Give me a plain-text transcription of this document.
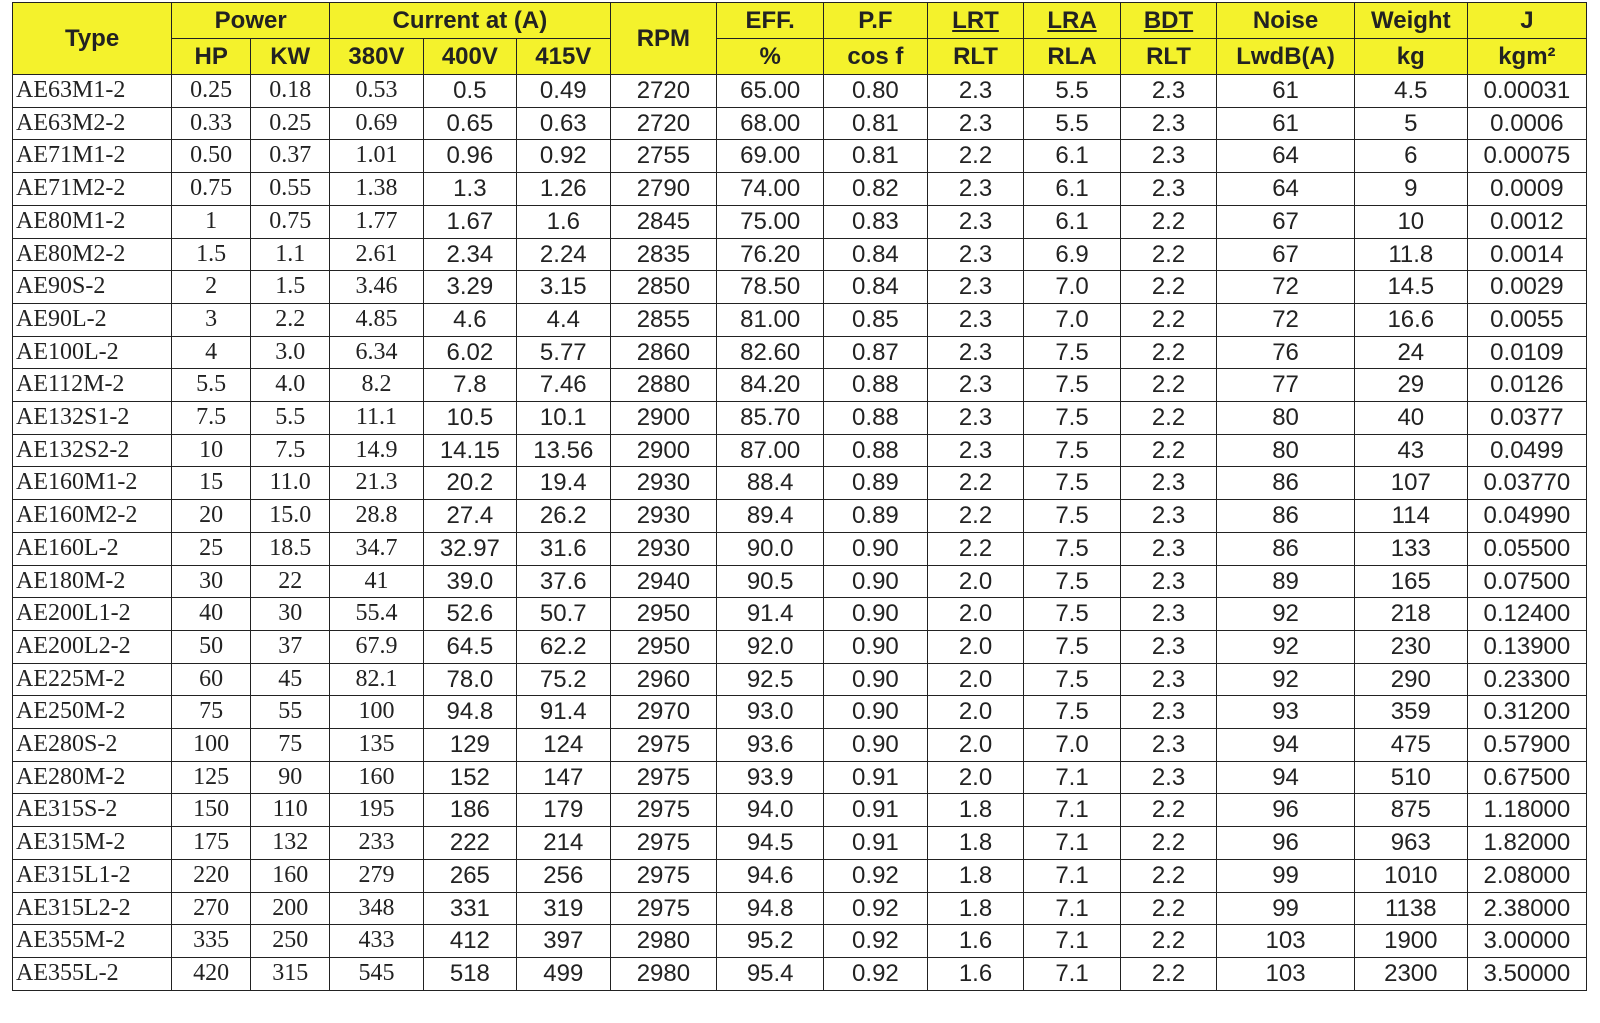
Type	Power		Current at (A)			RPM	EFF.	P.F	LRT	LRA	BDT	Noise	Weight	J
	HP	KW	380V	400V	415V		%	cos f	RLT	RLA	RLT	LwdB(A)	kg	kgm²
AE63M1-2	0.25	0.18	0.53	0.5	0.49	2720	65.00	0.80	2.3	5.5	2.3	61	4.5	0.00031
AE63M2-2	0.33	0.25	0.69	0.65	0.63	2720	68.00	0.81	2.3	5.5	2.3	61	5	0.0006
AE71M1-2	0.50	0.37	1.01	0.96	0.92	2755	69.00	0.81	2.2	6.1	2.3	64	6	0.00075
AE71M2-2	0.75	0.55	1.38	1.3	1.26	2790	74.00	0.82	2.3	6.1	2.3	64	9	0.0009
AE80M1-2	1	0.75	1.77	1.67	1.6	2845	75.00	0.83	2.3	6.1	2.2	67	10	0.0012
AE80M2-2	1.5	1.1	2.61	2.34	2.24	2835	76.20	0.84	2.3	6.9	2.2	67	11.8	0.0014
AE90S-2	2	1.5	3.46	3.29	3.15	2850	78.50	0.84	2.3	7.0	2.2	72	14.5	0.0029
AE90L-2	3	2.2	4.85	4.6	4.4	2855	81.00	0.85	2.3	7.0	2.2	72	16.6	0.0055
AE100L-2	4	3.0	6.34	6.02	5.77	2860	82.60	0.87	2.3	7.5	2.2	76	24	0.0109
AE112M-2	5.5	4.0	8.2	7.8	7.46	2880	84.20	0.88	2.3	7.5	2.2	77	29	0.0126
AE132S1-2	7.5	5.5	11.1	10.5	10.1	2900	85.70	0.88	2.3	7.5	2.2	80	40	0.0377
AE132S2-2	10	7.5	14.9	14.15	13.56	2900	87.00	0.88	2.3	7.5	2.2	80	43	0.0499
AE160M1-2	15	11.0	21.3	20.2	19.4	2930	88.4	0.89	2.2	7.5	2.3	86	107	0.03770
AE160M2-2	20	15.0	28.8	27.4	26.2	2930	89.4	0.89	2.2	7.5	2.3	86	114	0.04990
AE160L-2	25	18.5	34.7	32.97	31.6	2930	90.0	0.90	2.2	7.5	2.3	86	133	0.05500
AE180M-2	30	22	41	39.0	37.6	2940	90.5	0.90	2.0	7.5	2.3	89	165	0.07500
AE200L1-2	40	30	55.4	52.6	50.7	2950	91.4	0.90	2.0	7.5	2.3	92	218	0.12400
AE200L2-2	50	37	67.9	64.5	62.2	2950	92.0	0.90	2.0	7.5	2.3	92	230	0.13900
AE225M-2	60	45	82.1	78.0	75.2	2960	92.5	0.90	2.0	7.5	2.3	92	290	0.23300
AE250M-2	75	55	100	94.8	91.4	2970	93.0	0.90	2.0	7.5	2.3	93	359	0.31200
AE280S-2	100	75	135	129	124	2975	93.6	0.90	2.0	7.0	2.3	94	475	0.57900
AE280M-2	125	90	160	152	147	2975	93.9	0.91	2.0	7.1	2.3	94	510	0.67500
AE315S-2	150	110	195	186	179	2975	94.0	0.91	1.8	7.1	2.2	96	875	1.18000
AE315M-2	175	132	233	222	214	2975	94.5	0.91	1.8	7.1	2.2	96	963	1.82000
AE315L1-2	220	160	279	265	256	2975	94.6	0.92	1.8	7.1	2.2	99	1010	2.08000
AE315L2-2	270	200	348	331	319	2975	94.8	0.92	1.8	7.1	2.2	99	1138	2.38000
AE355M-2	335	250	433	412	397	2980	95.2	0.92	1.6	7.1	2.2	103	1900	3.00000
AE355L-2	420	315	545	518	499	2980	95.4	0.92	1.6	7.1	2.2	103	2300	3.50000
